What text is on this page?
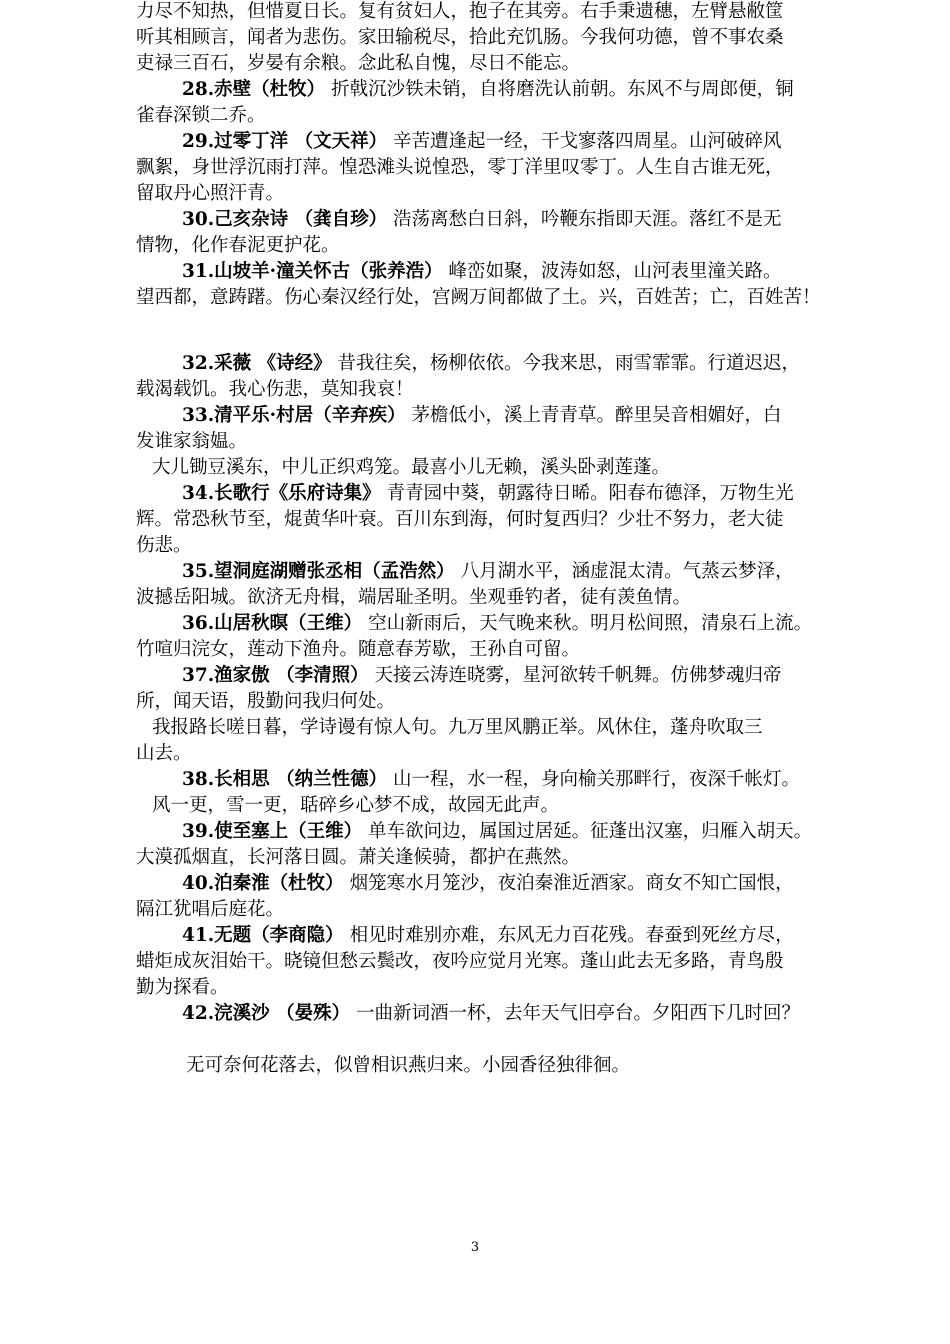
力尽不知热，但惜夏日长。复有贫妇人，抱子在其旁。右手秉遗穗，左臂悬敝筐
听其相顾言，闻者为悲伤。家田输税尽，拾此充饥肠。今我何功德，曾不事农桑
吏禄三百石，岁晏有余粮。念此私自愧，尽日不能忘。
28.赤壁（杜牧） 折戟沉沙铁未销，自将磨洗认前朝。东风不与周郎便，铜
雀春深锁二乔。
29.过零丁洋 （文天祥） 辛苦遭逢起一经，干戈寥落四周星。山河破碎风
飘絮，身世浮沉雨打萍。惶恐滩头说惶恐，零丁洋里叹零丁。人生自古谁无死，
留取丹心照汗青。
30.己亥杂诗 （龚自珍） 浩荡离愁白日斜，吟鞭东指即天涯。落红不是无
情物，化作春泥更护花。
31.山坡羊·潼关怀古（张养浩） 峰峦如聚，波涛如怒，山河表里潼关路。
望西都，意踌躇。伤心秦汉经行处，宫阙万间都做了土。兴，百姓苦；亡，百姓苦！
32.采薇 《诗经》 昔我往矣，杨柳依依。今我来思，雨雪霏霏。行道迟迟，
载渴载饥。我心伤悲，莫知我哀！
33.清平乐·村居（辛弃疾） 茅檐低小，溪上青青草。醉里吴音相媚好，白
发谁家翁媪。
大儿锄豆溪东，中儿正织鸡笼。最喜小儿无赖，溪头卧剥莲蓬。
34.长歌行《乐府诗集》 青青园中葵，朝露待日晞。阳春布德泽，万物生光
辉。常恐秋节至，焜黄华叶衰。百川东到海，何时复西归？少壮不努力，老大徒
伤悲。
35.望洞庭湖赠张丞相（孟浩然） 八月湖水平，涵虚混太清。气蒸云梦泽，
波撼岳阳城。欲济无舟楫，端居耻圣明。坐观垂钓者，徒有羡鱼情。
36.山居秋暝（王维） 空山新雨后，天气晚来秋。明月松间照，清泉石上流。
竹喧归浣女，莲动下渔舟。随意春芳歇，王孙自可留。
37.渔家傲 （李清照） 天接云涛连晓雾，星河欲转千帆舞。仿佛梦魂归帝
所，闻天语，殷勤问我归何处。
我报路长嗟日暮，学诗谩有惊人句。九万里风鹏正举。风休住，蓬舟吹取三
山去。
38.长相思 （纳兰性德） 山一程，水一程，身向榆关那畔行，夜深千帐灯。
风一更，雪一更，聒碎乡心梦不成，故园无此声。
39.使至塞上（王维） 单车欲问边，属国过居延。征蓬出汉塞，归雁入胡天。
大漠孤烟直，长河落日圆。萧关逢候骑，都护在燕然。
40.泊秦淮（杜牧） 烟笼寒水月笼沙，夜泊秦淮近酒家。商女不知亡国恨，
隔江犹唱后庭花。
41.无题（李商隐） 相见时难别亦难，东风无力百花残。春蚕到死丝方尽，
蜡炬成灰泪始干。晓镜但愁云鬓改，夜吟应觉月光寒。蓬山此去无多路，青鸟殷
勤为探看。
42.浣溪沙 （晏殊） 一曲新词酒一杯，去年天气旧亭台。夕阳西下几时回？
无可奈何花落去，似曾相识燕归来。小园香径独徘徊。
3
